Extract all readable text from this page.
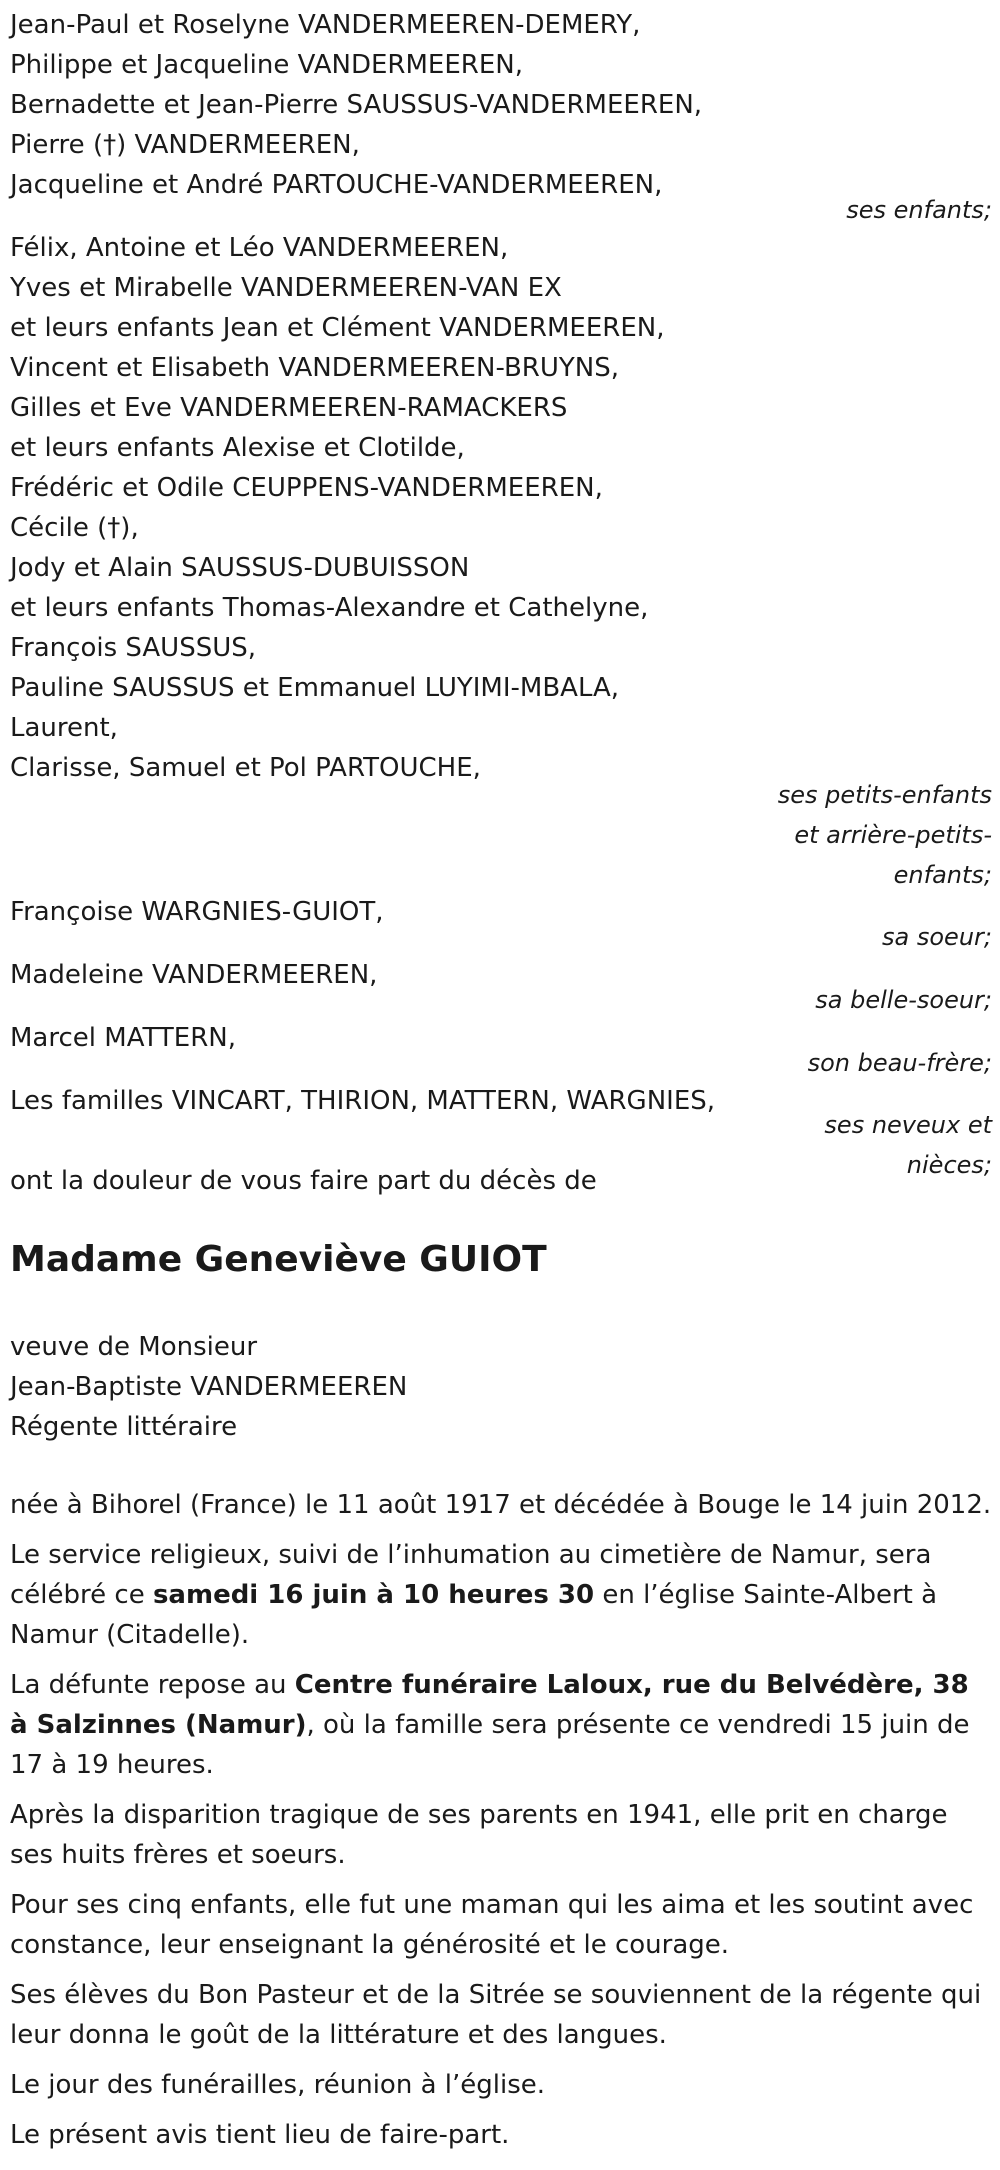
Jean-Paul et Roselyne VANDERMEEREN-DEMERY,
Philippe et Jacqueline VANDERMEEREN,
Bernadette et Jean-Pierre SAUSSUS-VANDERMEEREN,
Pierre (†) VANDERMEEREN,
Jacqueline et André PARTOUCHE-VANDERMEEREN,
ses enfants;
Félix, Antoine et Léo VANDERMEEREN,
Yves et Mirabelle VANDERMEEREN-VAN EX
et leurs enfants Jean et Clément VANDERMEEREN,
Vincent et Elisabeth VANDERMEEREN-BRUYNS,
Gilles et Eve VANDERMEEREN-RAMACKERS
et leurs enfants Alexise et Clotilde,
Frédéric et Odile CEUPPENS-VANDERMEEREN,
Cécile (†),
Jody et Alain SAUSSUS-DUBUISSON
et leurs enfants Thomas-Alexandre et Cathelyne,
François SAUSSUS,
Pauline SAUSSUS et Emmanuel LUYIMI-MBALA,
Laurent,
Clarisse, Samuel et Pol PARTOUCHE,
ses petits-enfants
et arrière-petits-
enfants;
Françoise WARGNIES-GUIOT,
sa soeur;
Madeleine VANDERMEEREN,
sa belle-soeur;
Marcel MATTERN,
son beau-frère;
Les familles VINCART, THIRION, MATTERN, WARGNIES,
ses neveux et
nièces;
ont la douleur de vous faire part du décès de
Madame Geneviève GUIOT
veuve de Monsieur
Jean-Baptiste VANDERMEEREN
Régente littéraire
née à Bihorel (France) le 11 août 1917 et décédée à Bouge le 14 juin 2012.
Le service religieux, suivi de l’inhumation au cimetière de Namur, sera célébré ce samedi 16 juin à 10 heures 30 en l’église Sainte-Albert à Namur (Citadelle).
La défunte repose au Centre funéraire Laloux, rue du Belvédère, 38 à Salzinnes (Namur), où la famille sera présente ce vendredi 15 juin de 17 à 19 heures.
Après la disparition tragique de ses parents en 1941, elle prit en charge ses huits frères et soeurs.
Pour ses cinq enfants, elle fut une maman qui les aima et les soutint avec constance, leur enseignant la générosité et le courage.
Ses élèves du Bon Pasteur et de la Sitrée se souviennent de la régente qui leur donna le goût de la littérature et des langues.
Le jour des funérailles, réunion à l’église.
Le présent avis tient lieu de faire-part.
